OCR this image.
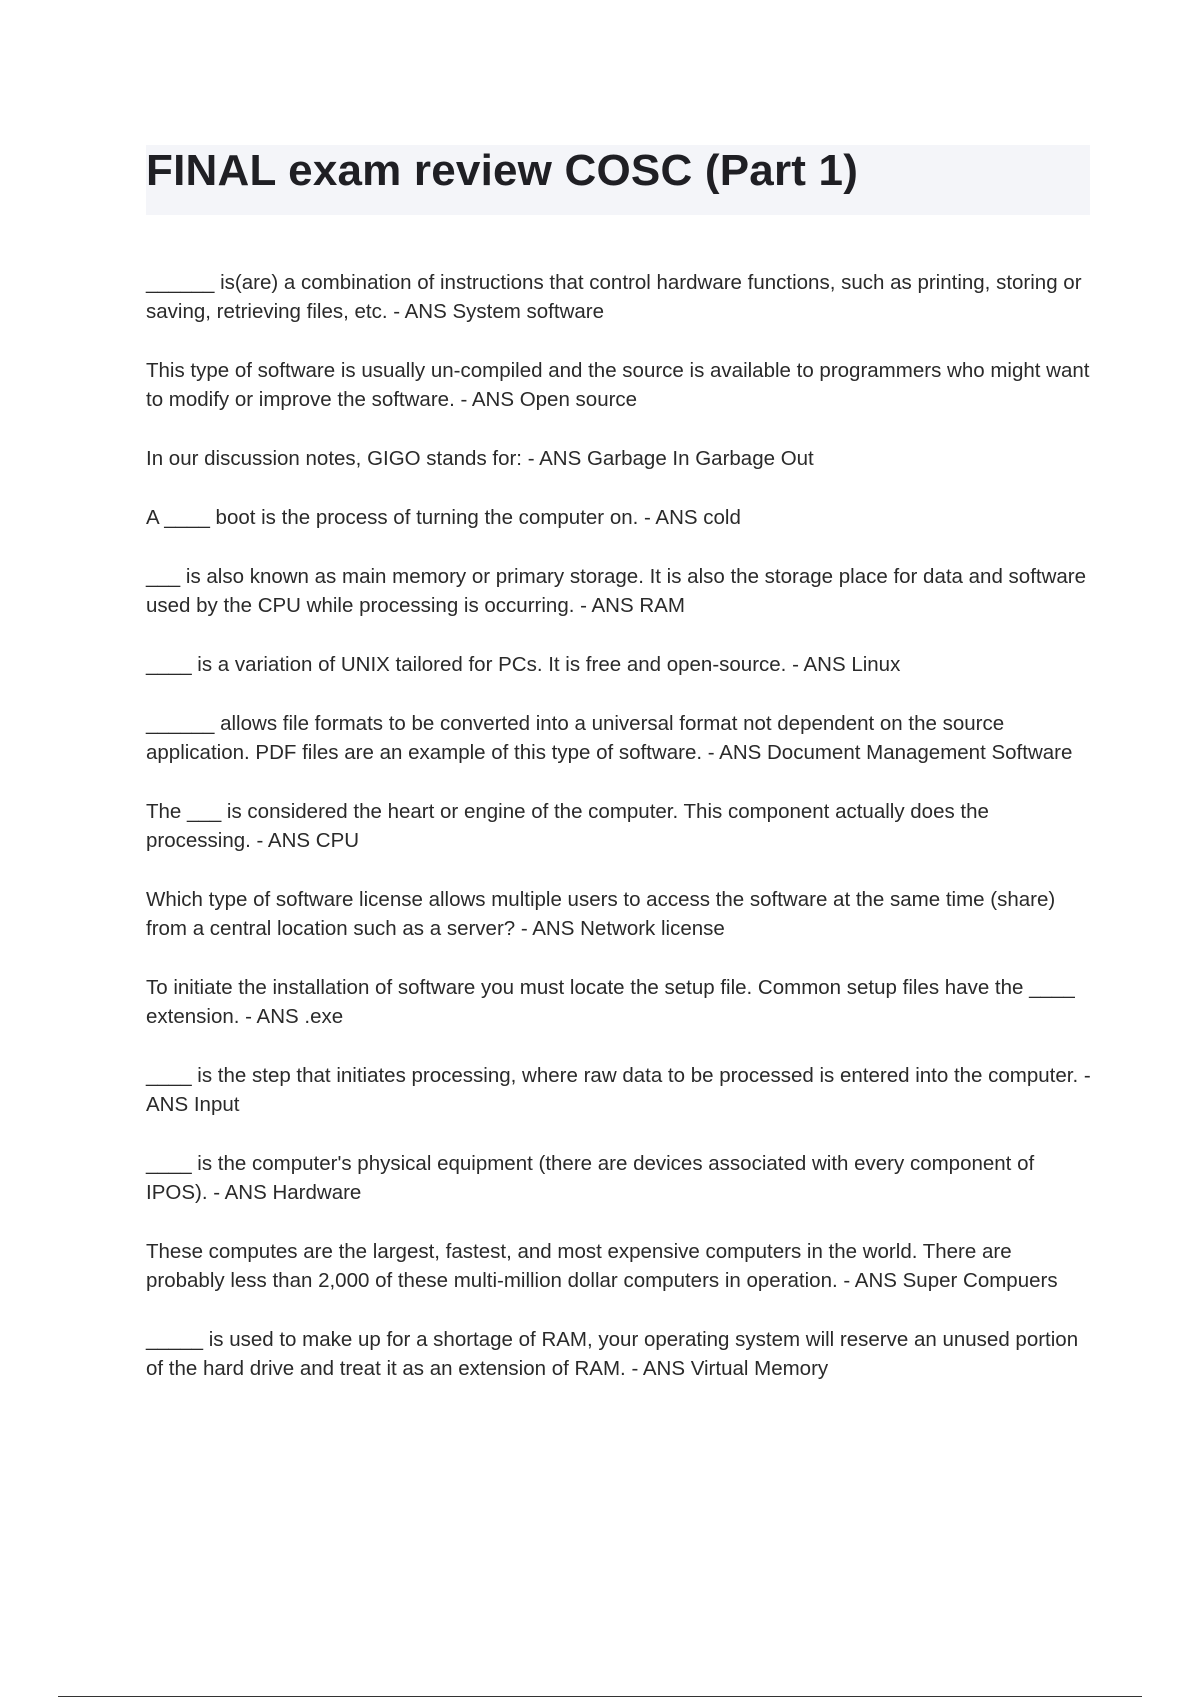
FINAL exam review COSC (Part 1)
______ is(are) a combination of instructions that control hardware functions, such as printing, storing or saving, retrieving files, etc. - ANS System software
This type of software is usually un-compiled and the source is available to programmers who might want to modify or improve the software. - ANS Open source
In our discussion notes, GIGO stands for: - ANS Garbage In Garbage Out
A ____ boot is the process of turning the computer on. - ANS cold
___ is also known as main memory or primary storage. It is also the storage place for data and software used by the CPU while processing is occurring. - ANS RAM
____ is a variation of UNIX tailored for PCs. It is free and open-source. - ANS Linux
______ allows file formats to be converted into a universal format not dependent on the source application. PDF files are an example of this type of software. - ANS Document Management Software
The ___ is considered the heart or engine of the computer. This component actually does the processing. - ANS CPU
Which type of software license allows multiple users to access the software at the same time (share) from a central location such as a server? - ANS Network license
To initiate the installation of software you must locate the setup file. Common setup files have the ____ extension. - ANS .exe
____ is the step that initiates processing, where raw data to be processed is entered into the computer. - ANS Input
____ is the computer's physical equipment (there are devices associated with every component of IPOS). - ANS Hardware
These computes are the largest, fastest, and most expensive computers in the world. There are probably less than 2,000 of these multi-million dollar computers in operation. - ANS Super Compuers
_____ is used to make up for a shortage of RAM, your operating system will reserve an unused portion of the hard drive and treat it as an extension of RAM. - ANS Virtual Memory
